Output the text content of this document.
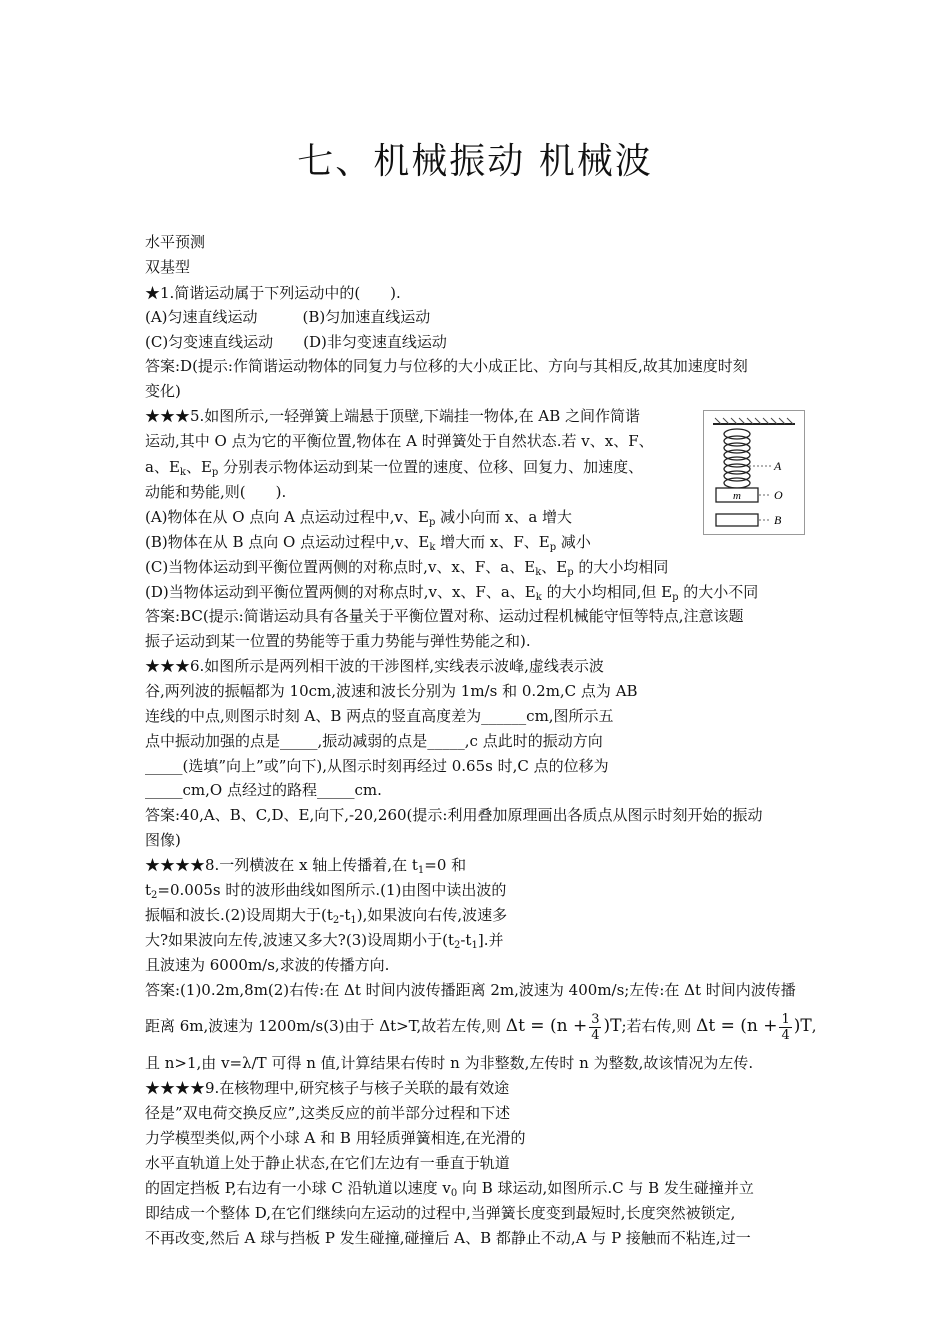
七、机械振动 机械波
水平预测
双基型
★1.简谐运动属于下列运动中的(　　).
(A)匀速直线运动　　　(B)匀加速直线运动
(C)匀变速直线运动　　(D)非匀变速直线运动
答案:D(提示:作简谐运动物体的同复力与位移的大小成正比、方向与其相反,故其加速度时刻
变化)
★★★5.如图所示,一轻弹簧上端悬于顶壁,下端挂一物体,在 AB 之间作简谐
运动,其中 O 点为它的平衡位置,物体在 A 时弹簧处于自然状态.若 v、x、F、
a、$E_k$、$E_p$ 分别表示物体运动到某一位置的速度、位移、回复力、加速度、
动能和势能,则(　　).
(A)物体在从 O 点向 A 点运动过程中,v、$E_p$ 减小向而 x、a 增大
(B)物体在从 B 点向 O 点运动过程中,v、$E_k$ 增大而 x、F、$E_p$ 减小
(C)当物体运动到平衡位置两侧的对称点时,v、x、F、a、$E_k$、$E_p$ 的大小均相同
(D)当物体运动到平衡位置两侧的对称点时,v、x、F、a、$E_k$ 的大小均相同,但 $E_p$ 的大小不同
答案:BC(提示:简谐运动具有各量关于平衡位置对称、运动过程机械能守恒等特点,注意该题
振子运动到某一位置的势能等于重力势能与弹性势能之和).
A
m	O
B
★★★6.如图所示是两列相干波的干涉图样,实线表示波峰,虚线表示波
谷,两列波的振幅都为 10cm,波速和波长分别为 1m/s 和 0.2m,C 点为 AB
连线的中点,则图示时刻 A、B 两点的竖直高度差为______cm,图所示五
点中振动加强的点是_____,振动减弱的点是_____,c 点此时的振动方向
_____(选填”向上”或”向下),从图示时刻再经过 0.65s 时,C 点的位移为
_____cm,O 点经过的路程_____cm.
答案:40,A、B、C,D、E,向下,-20,260(提示:利用叠加原理画出各质点从图示时刻开始的振动
图像)
★★★★8.一列横波在 x 轴上传播着,在 $t_1=0$ 和
$t_2=0.005s$ 时的波形曲线如图所示.(1)由图中读出波的
振幅和波长.(2)设周期大于$(t_2-t_1)$,如果波向右传,波速多
大?如果波向左传,波速又多大?(3)设周期小于$(t_2-t_1]$.并
且波速为 6000m/s,求波的传播方向.
答案:(1)0.2m,8m(2)右传:在 Δt 时间内波传播距离 2m,波速为 400m/s;左传:在 Δt 时间内波传播
距离 6m,波速为 1200m/s(3)由于 Δt>T,故若左传,则 $\Delta t = (n + \frac{3}{4} )T$;若右传,则 $\Delta t = (n + \frac{1}{4} )T$,
且 n>1,由 v=λ/T 可得 n 值,计算结果右传时 n 为非整数,左传时 n 为整数,故该情况为左传.
★★★★9.在核物理中,研究核子与核子关联的最有效途
径是”双电荷交换反应”,这类反应的前半部分过程和下述
力学模型类似,两个小球 A 和 B 用轻质弹簧相连,在光滑的
水平直轨道上处于静止状态,在它们左边有一垂直于轨道
的固定挡板 P,右边有一小球 C 沿轨道以速度 $v_0$ 向 B 球运动,如图所示.C 与 B 发生碰撞并立
即结成一个整体 D,在它们继续向左运动的过程中,当弹簧长度变到最短时,长度突然被锁定,
不再改变,然后 A 球与挡板 P 发生碰撞,碰撞后 A、B 都静止不动,A 与 P 接触而不粘连,过一
